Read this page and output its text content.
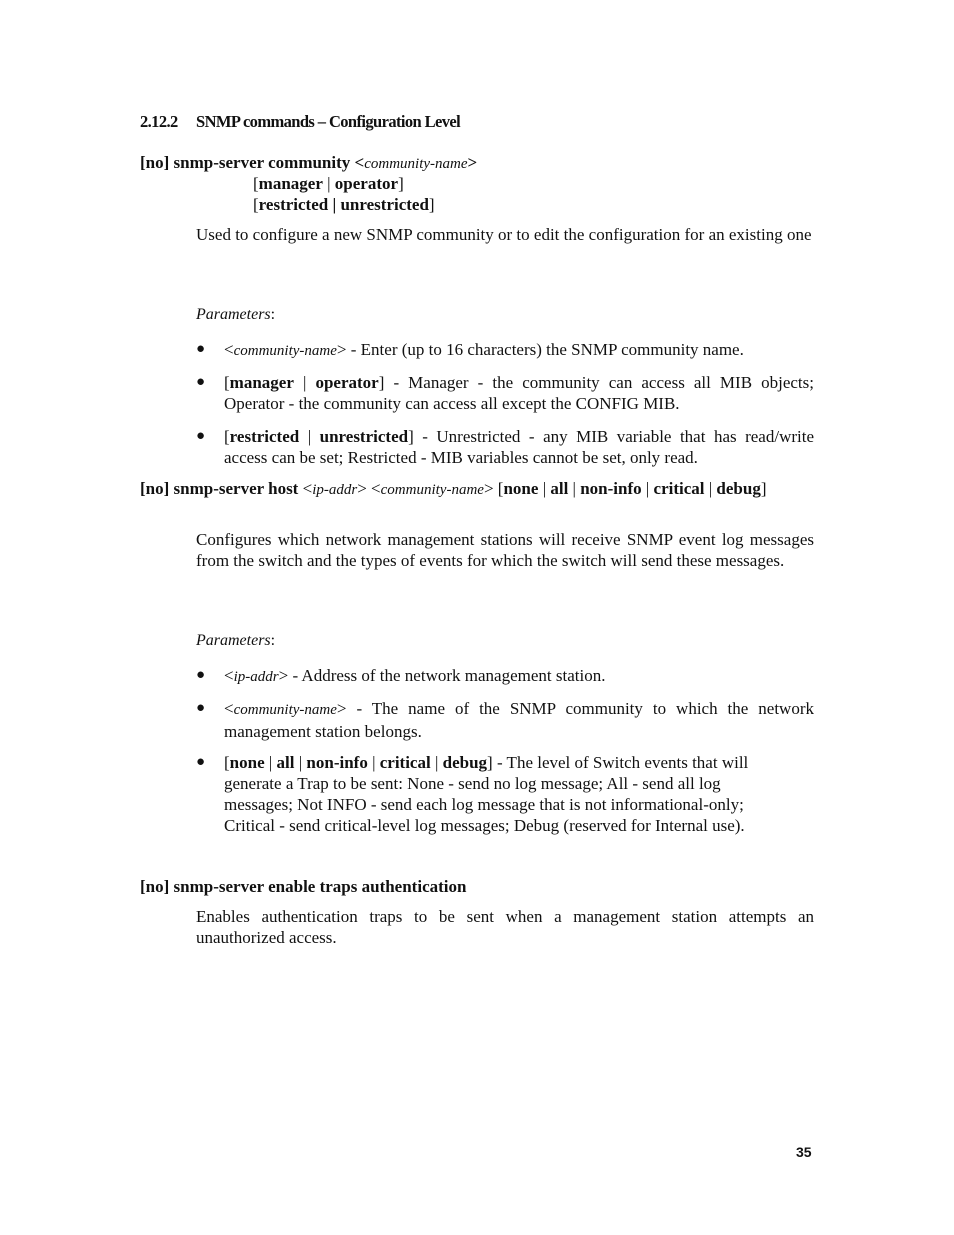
2.12.2 SNMP commands – Configuration Level
[no] snmp-server community <community-name>
[manager | operator]
[restricted | unrestricted]
Used to configure a new SNMP community or to edit the configuration for an existing one
Parameters:
● <community-name> - Enter (up to 16 characters) the SNMP community name.
● [manager | operator] - Manager - the community can access all MIB objects; Operator - the community can access all except the CONFIG MIB.
● [restricted | unrestricted] - Unrestricted - any MIB variable that has read/write access can be set; Restricted - MIB variables cannot be set, only read.
[no] snmp-server host <ip-addr> <community-name> [none | all | non-info | critical | debug]
Configures which network management stations will receive SNMP event log messages from the switch and the types of events for which the switch will send these messages.
Parameters:
● <ip-addr> - Address of the network management station.
● <community-name> - The name of the SNMP community to which the network management station belongs.
● [none | all | non-info | critical | debug] - The level of Switch events that will
generate a Trap to be sent: None - send no log message; All - send all log
messages; Not INFO - send each log message that is not informational-only;
Critical - send critical-level log messages; Debug (reserved for Internal use).
[no] snmp-server enable traps authentication
Enables authentication traps to be sent when a management station attempts an unauthorized access.
35
